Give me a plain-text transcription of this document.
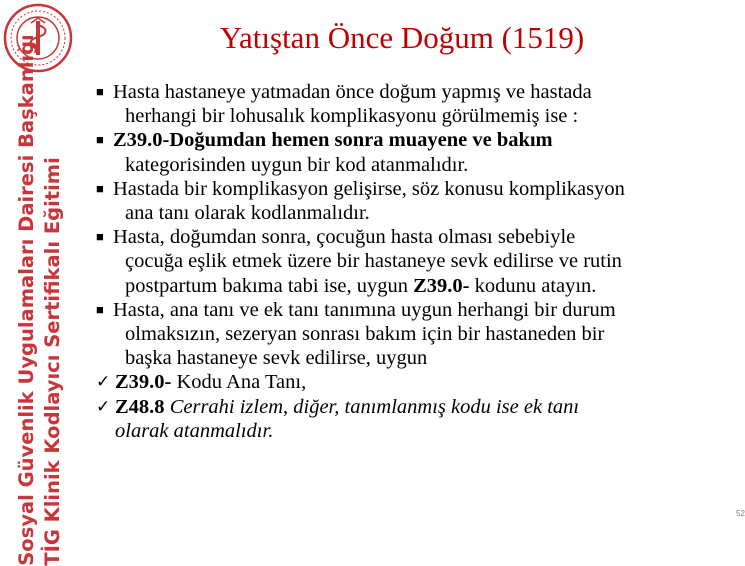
Sosyal Güvenlik Uygulamaları Dairesi Başkanlığı TİG Klinik Kodlayıcı Sertifikalı Eğitimi
Yatıştan Önce Doğum (1519)
■ Hasta hastaneye yatmadan önce doğum yapmış ve hastada
herhangi bir lohusalık komplikasyonu görülmemiş ise :
■ Z39.0-Doğumdan hemen sonra muayene ve bakım
kategorisinden uygun bir kod atanmalıdır.
■ Hastada bir komplikasyon gelişirse, söz konusu komplikasyon
ana tanı olarak kodlanmalıdır.
■ Hasta, doğumdan sonra, çocuğun hasta olması sebebiyle
çocuğa eşlik etmek üzere bir hastaneye sevk edilirse ve rutin
postpartum bakıma tabi ise, uygun Z39.0- kodunu atayın.
■ Hasta, ana tanı ve ek tanı tanımına uygun herhangi bir durum
olmaksızın, sezeryan sonrası bakım için bir hastaneden bir
başka hastaneye sevk edilirse, uygun
✓ Z39.0- Kodu Ana Tanı,
✓ Z48.8 Cerrahi izlem, diğer, tanımlanmış kodu ise ek tanı
olarak atanmalıdır.
52
